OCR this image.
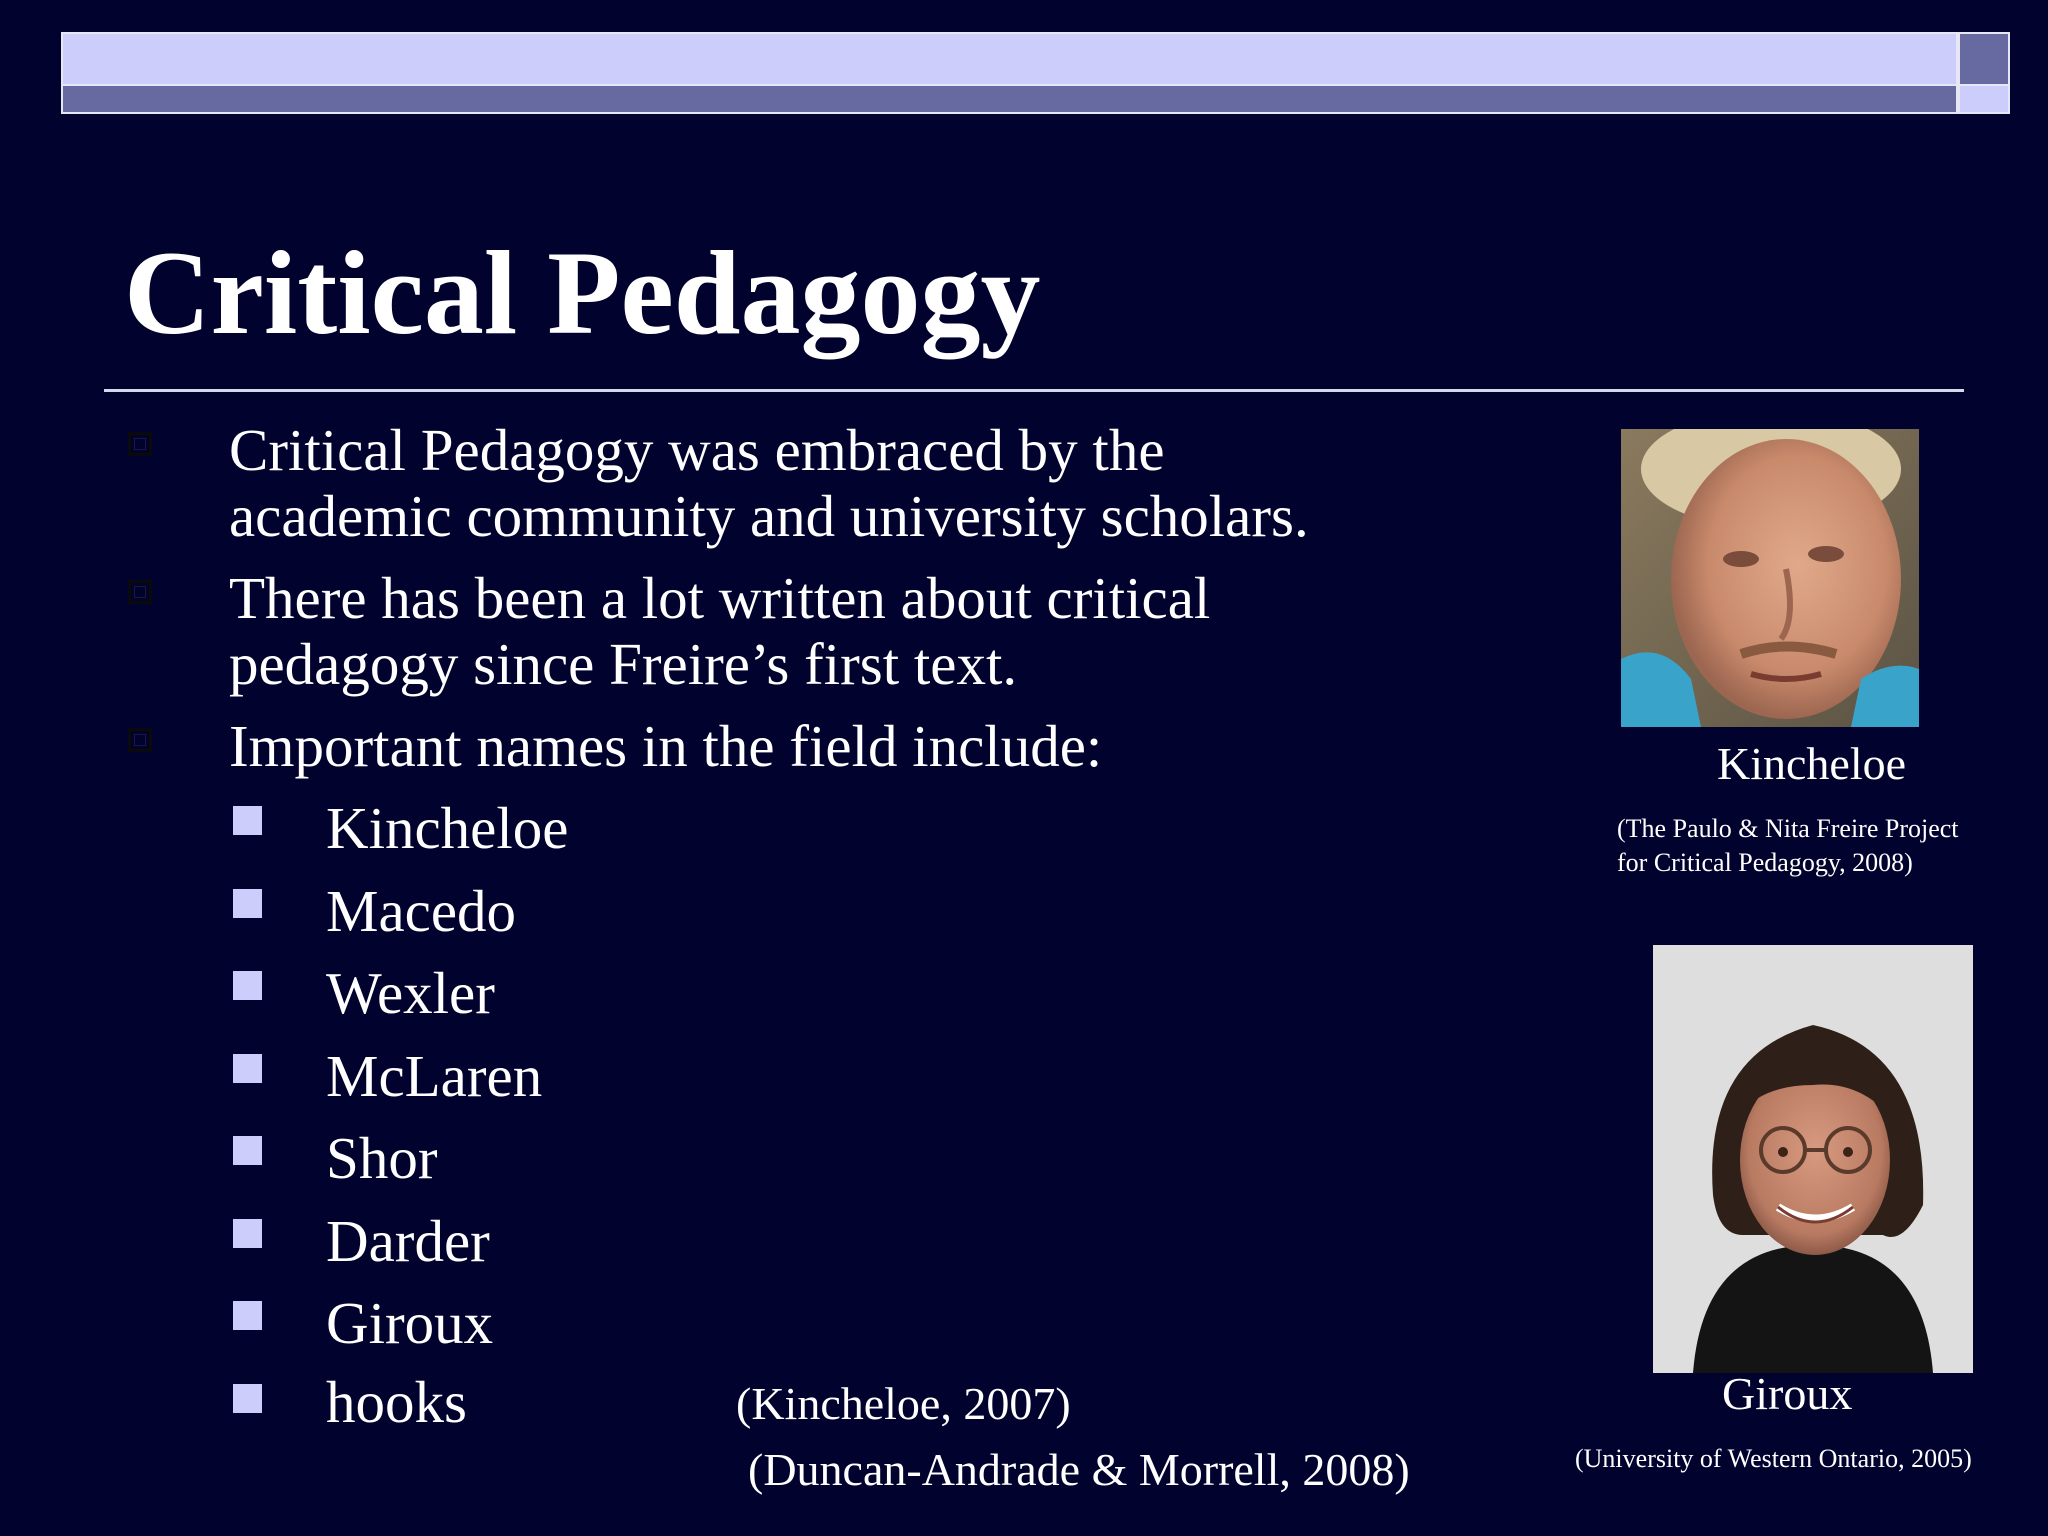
Critical Pedagogy
Critical Pedagogy was embraced by the
academic community and university scholars.
There has been a lot written about critical
pedagogy since Freire’s first text.
Important names in the field include:
Kincheloe
Macedo
Wexler
McLaren
Shor
Darder
Giroux
hooks	(Kincheloe, 2007)
(Duncan-Andrade & Morrell, 2008)
Kincheloe
(The Paulo & Nita Freire Project
for Critical Pedagogy, 2008)
Giroux
(University of Western Ontario, 2005)
